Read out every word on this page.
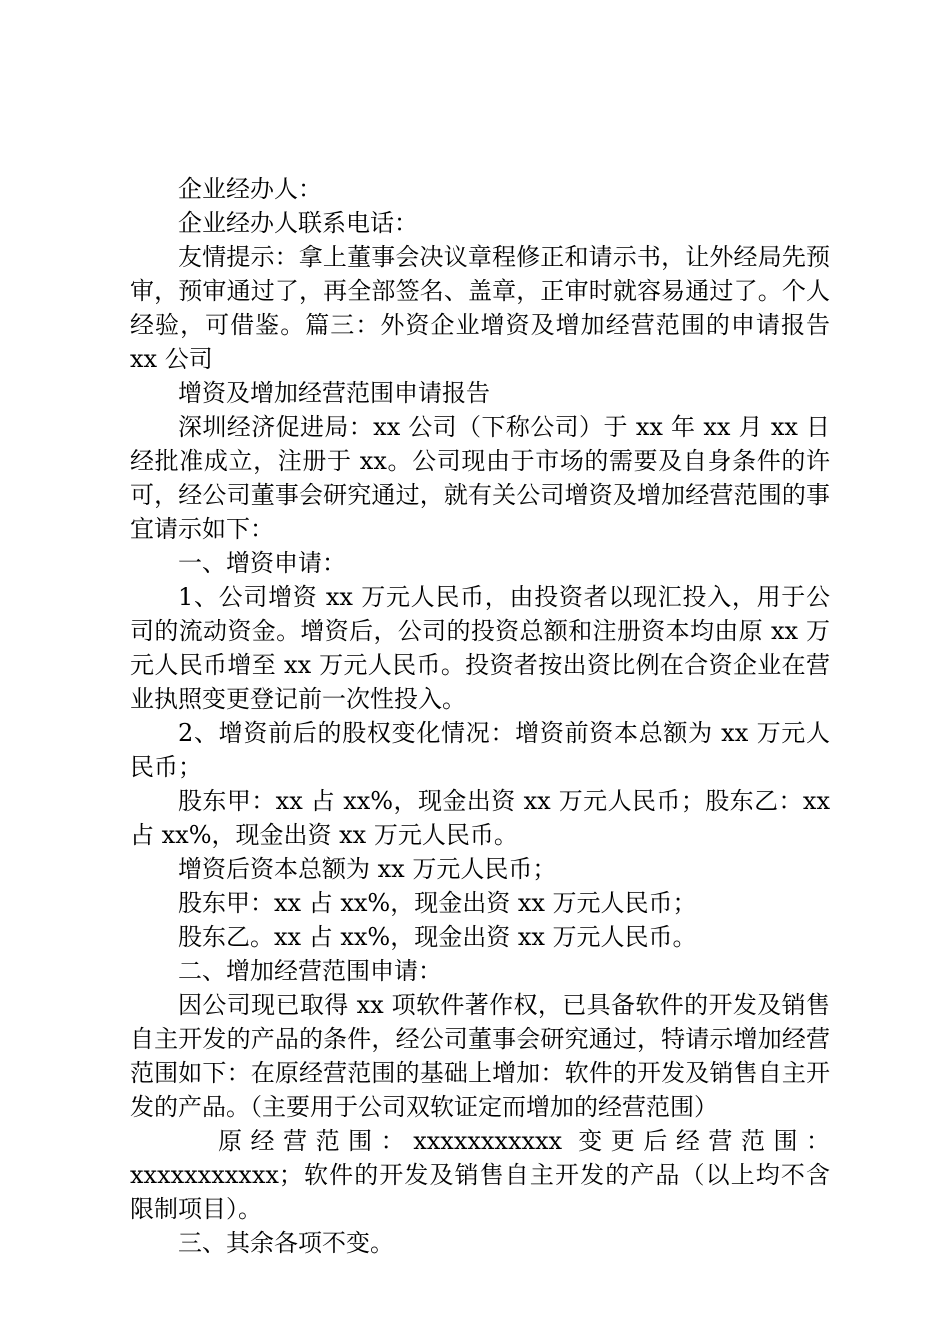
企业经办人：

企业经办人联系电话：

友情提示：拿上董事会决议章程修正和请示书，让外经局先预审，预审通过了，再全部签名、盖章，正审时就容易通过了。个人经验，可借鉴。篇三：外资企业增资及增加经营范围的申请报告 xx 公司

增资及增加经营范围申请报告

深圳经济促进局：xx 公司（下称公司）于 xx 年 xx 月 xx 日经批准成立，注册于 xx。公司现由于市场的需要及自身条件的许可，经公司董事会研究通过，就有关公司增资及增加经营范围的事宜请示如下：

一、增资申请：

1、公司增资 xx 万元人民币，由投资者以现汇投入，用于公司的流动资金。增资后，公司的投资总额和注册资本均由原 xx 万元人民币增至 xx 万元人民币。投资者按出资比例在合资企业在营业执照变更登记前一次性投入。

2、增资前后的股权变化情况：增资前资本总额为 xx 万元人民币；

股东甲：xx 占 xx%，现金出资 xx 万元人民币；股东乙：xx 占 xx%，现金出资 xx 万元人民币。

增资后资本总额为 xx 万元人民币；

股东甲：xx 占 xx%，现金出资 xx 万元人民币；

股东乙。xx 占 xx%，现金出资 xx 万元人民币。

二、增加经营范围申请：

因公司现已取得 xx 项软件著作权，已具备软件的开发及销售自主开发的产品的条件，经公司董事会研究通过，特请示增加经营范围如下：在原经营范围的基础上增加：软件的开发及销售自主开发的产品。（主要用于公司双软证定而增加的经营范围）

原经营范围：xxxxxxxxxxx 变更后经营范围：xxxxxxxxxxx；软件的开发及销售自主开发的产品（以上均不含限制项目）。

三、其余各项不变。
